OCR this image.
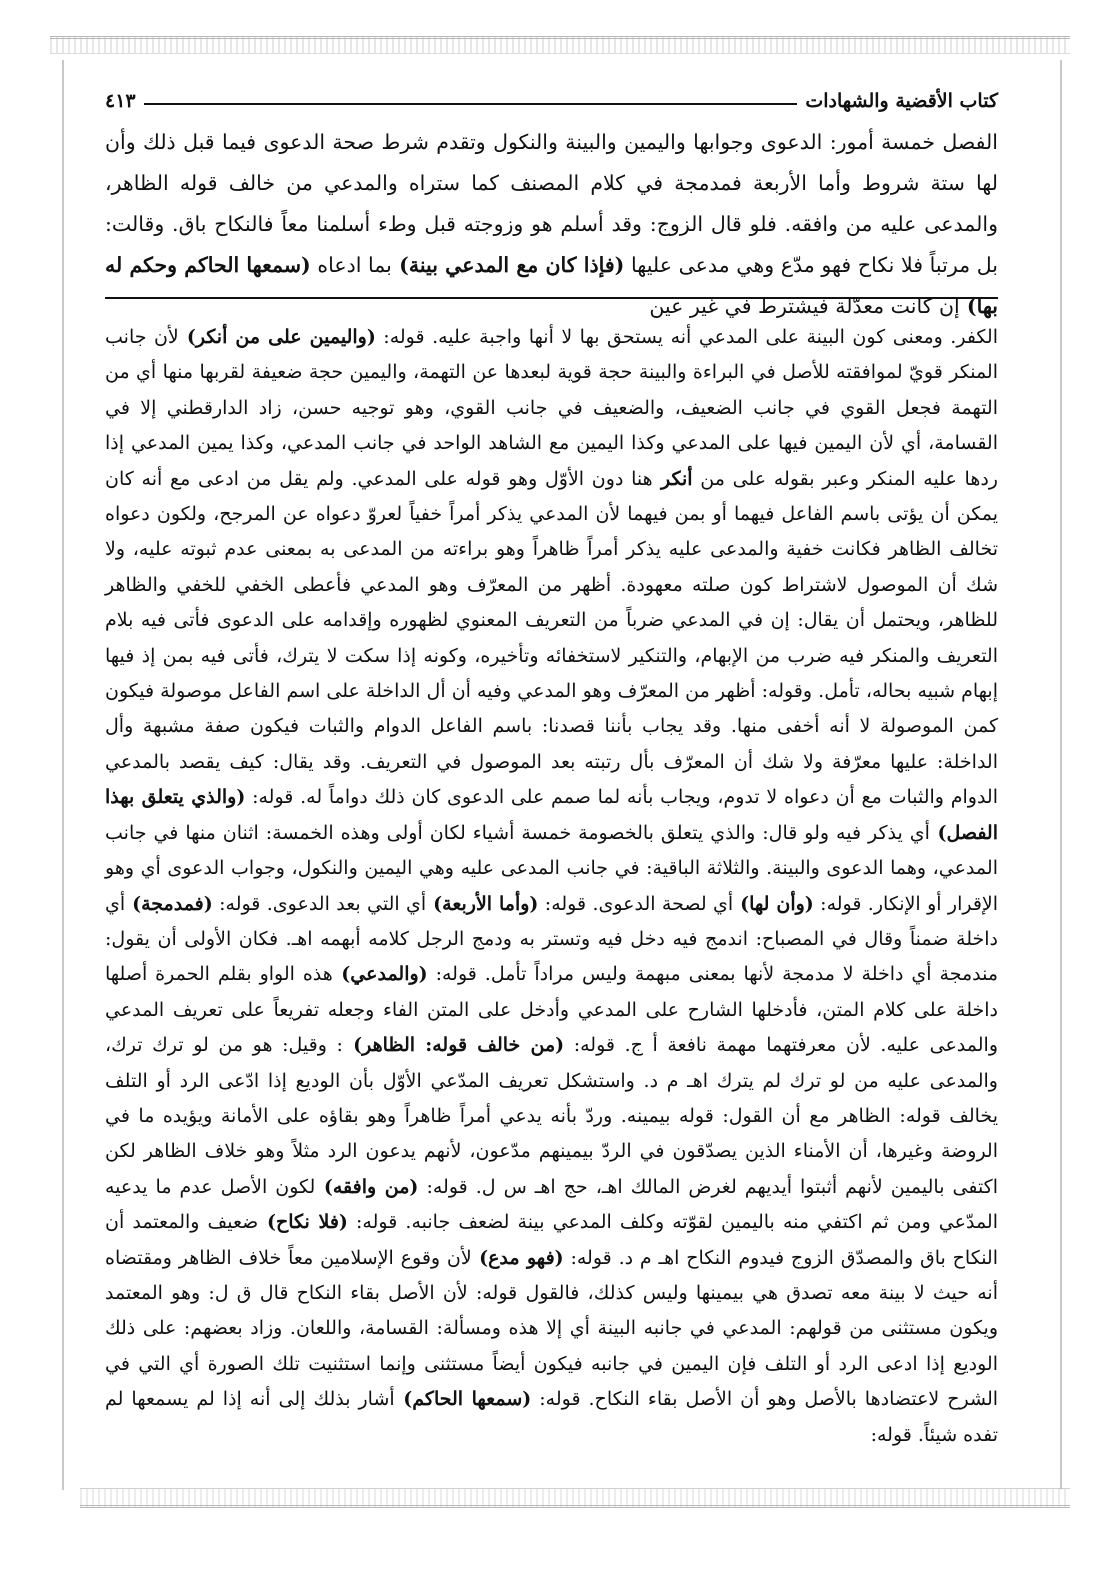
كتاب الأقضية والشهادات
٤١٣

الفصل خمسة أمور: الدعوى وجوابها واليمين والبينة والنكول وتقدم شرط صحة الدعوى فيما قبل ذلك وأن لها ستة شروط وأما الأربعة فمدمجة في كلام المصنف كما ستراه والمدعي من خالف قوله الظاهر، والمدعى عليه من وافقه. فلو قال الزوج: وقد أسلم هو وزوجته قبل وطء أسلمنا معاً فالنكاح باق. وقالت: بل مرتباً فلا نكاح فهو مدّع وهي مدعى عليها (فإذا كان مع المدعي بينة) بما ادعاه (سمعها الحاكم وحكم له بها) إن كانت معدّلة فيشترط في غير عين

الكفر. ومعنى كون البينة على المدعي أنه يستحق بها لا أنها واجبة عليه. قوله: (واليمين على من أنكر) لأن جانب المنكر قويّ لموافقته للأصل في البراءة والبينة حجة قوية لبعدها عن التهمة، واليمين حجة ضعيفة لقربها منها أي من التهمة فجعل القوي في جانب الضعيف، والضعيف في جانب القوي، وهو توجيه حسن، زاد الدارقطني إلا في القسامة، أي لأن اليمين فيها على المدعي وكذا اليمين مع الشاهد الواحد في جانب المدعي، وكذا يمين المدعي إذا ردها عليه المنكر وعبر بقوله على من أنكر هنا دون الأوّل وهو قوله على المدعي. ولم يقل من ادعى مع أنه كان يمكن أن يؤتى باسم الفاعل فيهما أو بمن فيهما لأن المدعي يذكر أمراً خفياً لعروّ دعواه عن المرجح، ولكون دعواه تخالف الظاهر فكانت خفية والمدعى عليه يذكر أمراً ظاهراً وهو براءته من المدعى به بمعنى عدم ثبوته عليه، ولا شك أن الموصول لاشتراط كون صلته معهودة. أظهر من المعرّف وهو المدعي فأعطى الخفي للخفي والظاهر للظاهر، ويحتمل أن يقال: إن في المدعي ضرباً من التعريف المعنوي لظهوره وإقدامه على الدعوى فأتى فيه بلام التعريف والمنكر فيه ضرب من الإبهام، والتنكير لاستخفائه وتأخيره، وكونه إذا سكت لا يترك، فأتى فيه بمن إذ فيها إبهام شبيه بحاله، تأمل. وقوله: أظهر من المعرّف وهو المدعي وفيه أن أل الداخلة على اسم الفاعل موصولة فيكون كمن الموصولة لا أنه أخفى منها. وقد يجاب بأننا قصدنا: باسم الفاعل الدوام والثبات فيكون صفة مشبهة وأل الداخلة: عليها معرّفة ولا شك أن المعرّف بأل رتبته بعد الموصول في التعريف. وقد يقال: كيف يقصد بالمدعي الدوام والثبات مع أن دعواه لا تدوم، ويجاب بأنه لما صمم على الدعوى كان ذلك دواماً له. قوله: (والذي يتعلق بهذا الفصل) أي يذكر فيه ولو قال: والذي يتعلق بالخصومة خمسة أشياء لكان أولى وهذه الخمسة: اثنان منها في جانب المدعي، وهما الدعوى والبينة. والثلاثة الباقية: في جانب المدعى عليه وهي اليمين والنكول، وجواب الدعوى أي وهو الإقرار أو الإنكار. قوله: (وأن لها) أي لصحة الدعوى. قوله: (وأما الأربعة) أي التي بعد الدعوى. قوله: (فمدمجة) أي داخلة ضمناً وقال في المصباح: اندمج فيه دخل فيه وتستر به ودمج الرجل كلامه أبهمه اهـ. فكان الأولى أن يقول: مندمجة أي داخلة لا مدمجة لأنها بمعنى مبهمة وليس مراداً تأمل. قوله: (والمدعي) هذه الواو بقلم الحمرة أصلها داخلة على كلام المتن، فأدخلها الشارح على المدعي وأدخل على المتن الفاء وجعله تفريعاً على تعريف المدعي والمدعى عليه. لأن معرفتهما مهمة نافعة أ ج. قوله: (من خالف قوله: الظاهر) : وقيل: هو من لو ترك ترك، والمدعى عليه من لو ترك لم يترك اهـ م د. واستشكل تعريف المدّعي الأوّل بأن الوديع إذا ادّعى الرد أو التلف يخالف قوله: الظاهر مع أن القول: قوله بيمينه. وردّ بأنه يدعي أمراً ظاهراً وهو بقاؤه على الأمانة ويؤيده ما في الروضة وغيرها، أن الأمناء الذين يصدّقون في الردّ بيمينهم مدّعون، لأنهم يدعون الرد مثلاً وهو خلاف الظاهر لكن اكتفى باليمين لأنهم أثبتوا أيديهم لغرض المالك اهـ، حج اهـ س ل. قوله: (من وافقه) لكون الأصل عدم ما يدعيه المدّعي ومن ثم اكتفي منه باليمين لقوّته وكلف المدعي بينة لضعف جانبه. قوله: (فلا نكاح) ضعيف والمعتمد أن النكاح باق والمصدّق الزوج فيدوم النكاح اهـ م د. قوله: (فهو مدع) لأن وقوع الإسلامين معاً خلاف الظاهر ومقتضاه أنه حيث لا بينة معه تصدق هي بيمينها وليس كذلك، فالقول قوله: لأن الأصل بقاء النكاح قال ق ل: وهو المعتمد ويكون مستثنى من قولهم: المدعي في جانبه البينة أي إلا هذه ومسألة: القسامة، واللعان. وزاد بعضهم: على ذلك الوديع إذا ادعى الرد أو التلف فإن اليمين في جانبه فيكون أيضاً مستثنى وإنما استثنيت تلك الصورة أي التي في الشرح لاعتضادها بالأصل وهو أن الأصل بقاء النكاح. قوله: (سمعها الحاكم) أشار بذلك إلى أنه إذا لم يسمعها لم تفده شيئاً. قوله:
